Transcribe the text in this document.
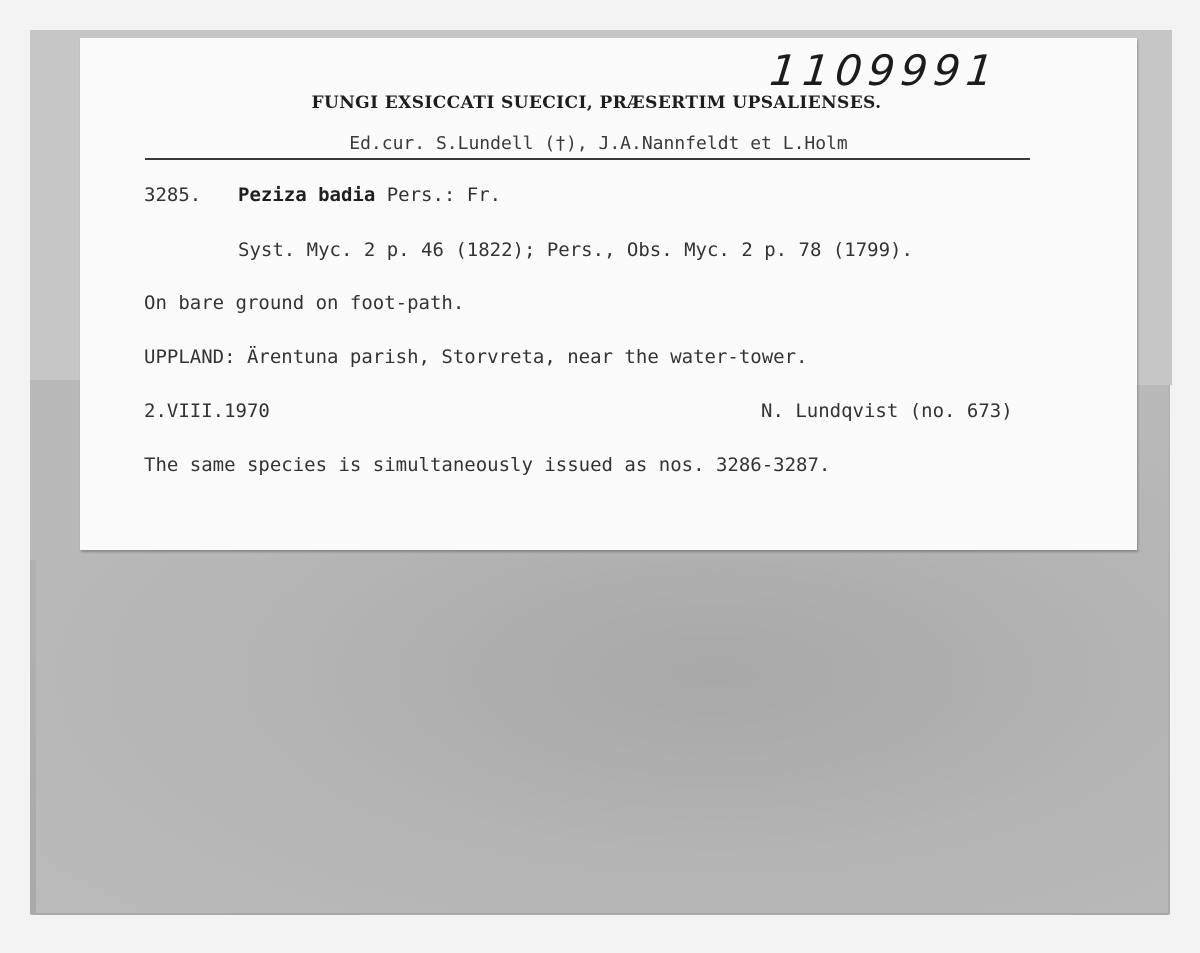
1109991
FUNGI EXSICCATI SUECICI, PRÆSERTIM UPSALIENSES.
Ed.cur. S.Lundell (†), J.A.Nannfeldt et L.Holm
3285. Peziza badia Pers.: Fr.
Syst. Myc. 2 p. 46 (1822); Pers., Obs. Myc. 2 p. 78 (1799).
On bare ground on foot-path.
UPPLAND: Ärentuna parish, Storvreta, near the water-tower.
2.VIII.1970	N. Lundqvist (no. 673)
The same species is simultaneously issued as nos. 3286-3287.
